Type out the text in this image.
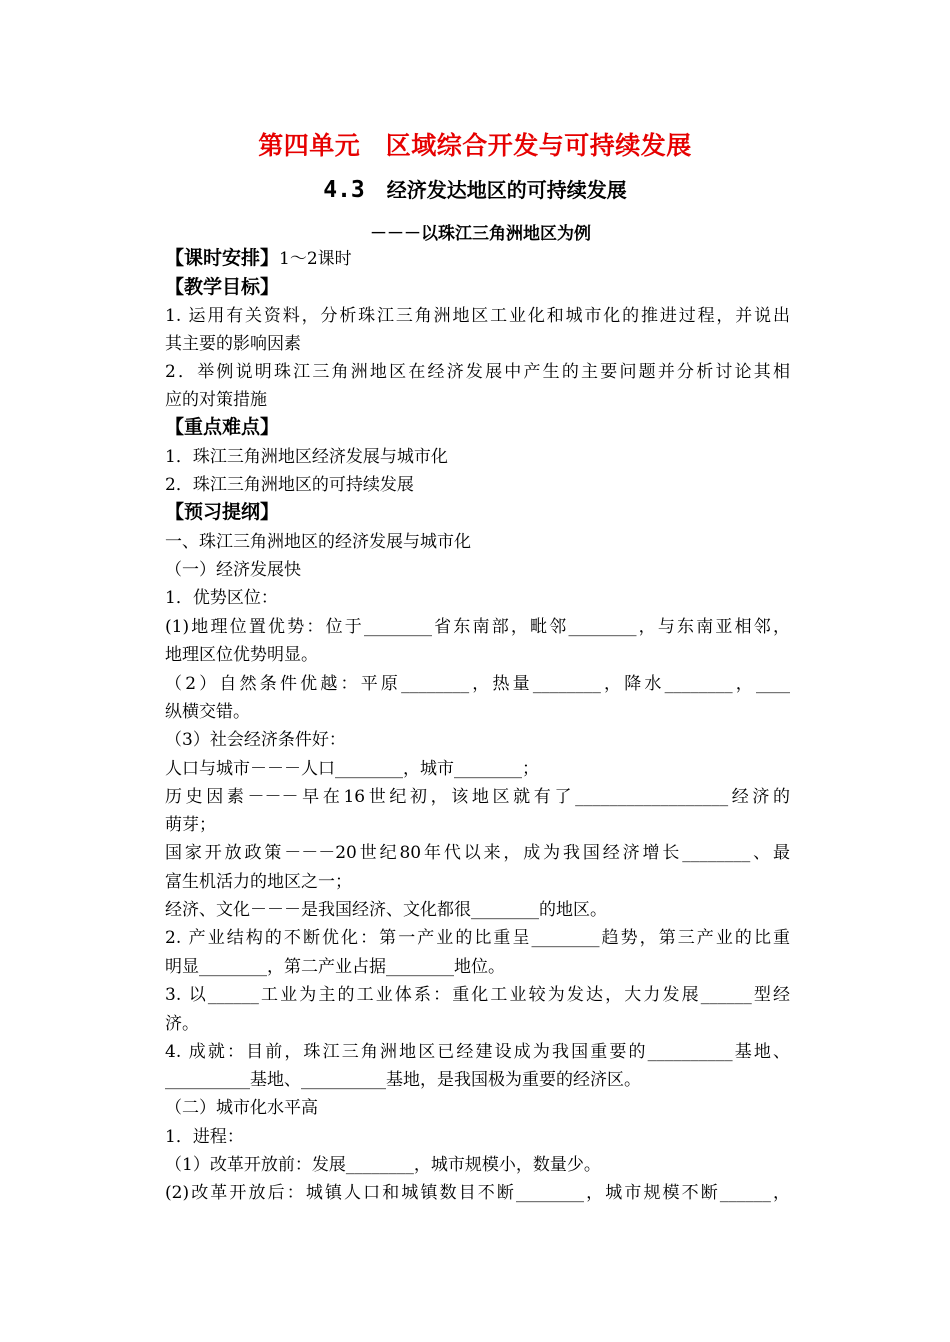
第四单元　区域综合开发与可持续发展
4.3 经济发达地区的可持续发展
－－－以珠江三角洲地区为例
【课时安排】1～2课时
【教学目标】
1. 运用有关资料，分析珠江三角洲地区工业化和城市化的推进过程，并说出
其主要的影响因素
2．举例说明珠江三角洲地区在经济发展中产生的主要问题并分析讨论其相
应的对策措施
【重点难点】
1．珠江三角洲地区经济发展与城市化
2．珠江三角洲地区的可持续发展
【预习提纲】
一、珠江三角洲地区的经济发展与城市化
（一）经济发展快
1．优势区位：
(1)地理位置优势：位于________省东南部，毗邻________，与东南亚相邻，
地理区位优势明显。
（2）自然条件优越：平原________，热量________，降水________，____
纵横交错。
（3）社会经济条件好：
人口与城市－－－人口________，城市________；
历史因素－－－早在16世纪初，该地区就有了__________________经济的
萌芽；
国家开放政策－－－20世纪80年代以来，成为我国经济增长________、最
富生机活力的地区之一；
经济、文化－－－是我国经济、文化都很________的地区。
2. 产业结构的不断优化：第一产业的比重呈________趋势，第三产业的比重
明显________，第二产业占据________地位。
3. 以______工业为主的工业体系：重化工业较为发达，大力发展______型经
济。
4. 成就：目前，珠江三角洲地区已经建设成为我国重要的__________基地、
__________基地、__________基地，是我国极为重要的经济区。
（二）城市化水平高
1．进程：
（1）改革开放前：发展________，城市规模小，数量少。
(2)改革开放后：城镇人口和城镇数目不断________，城市规模不断______，
